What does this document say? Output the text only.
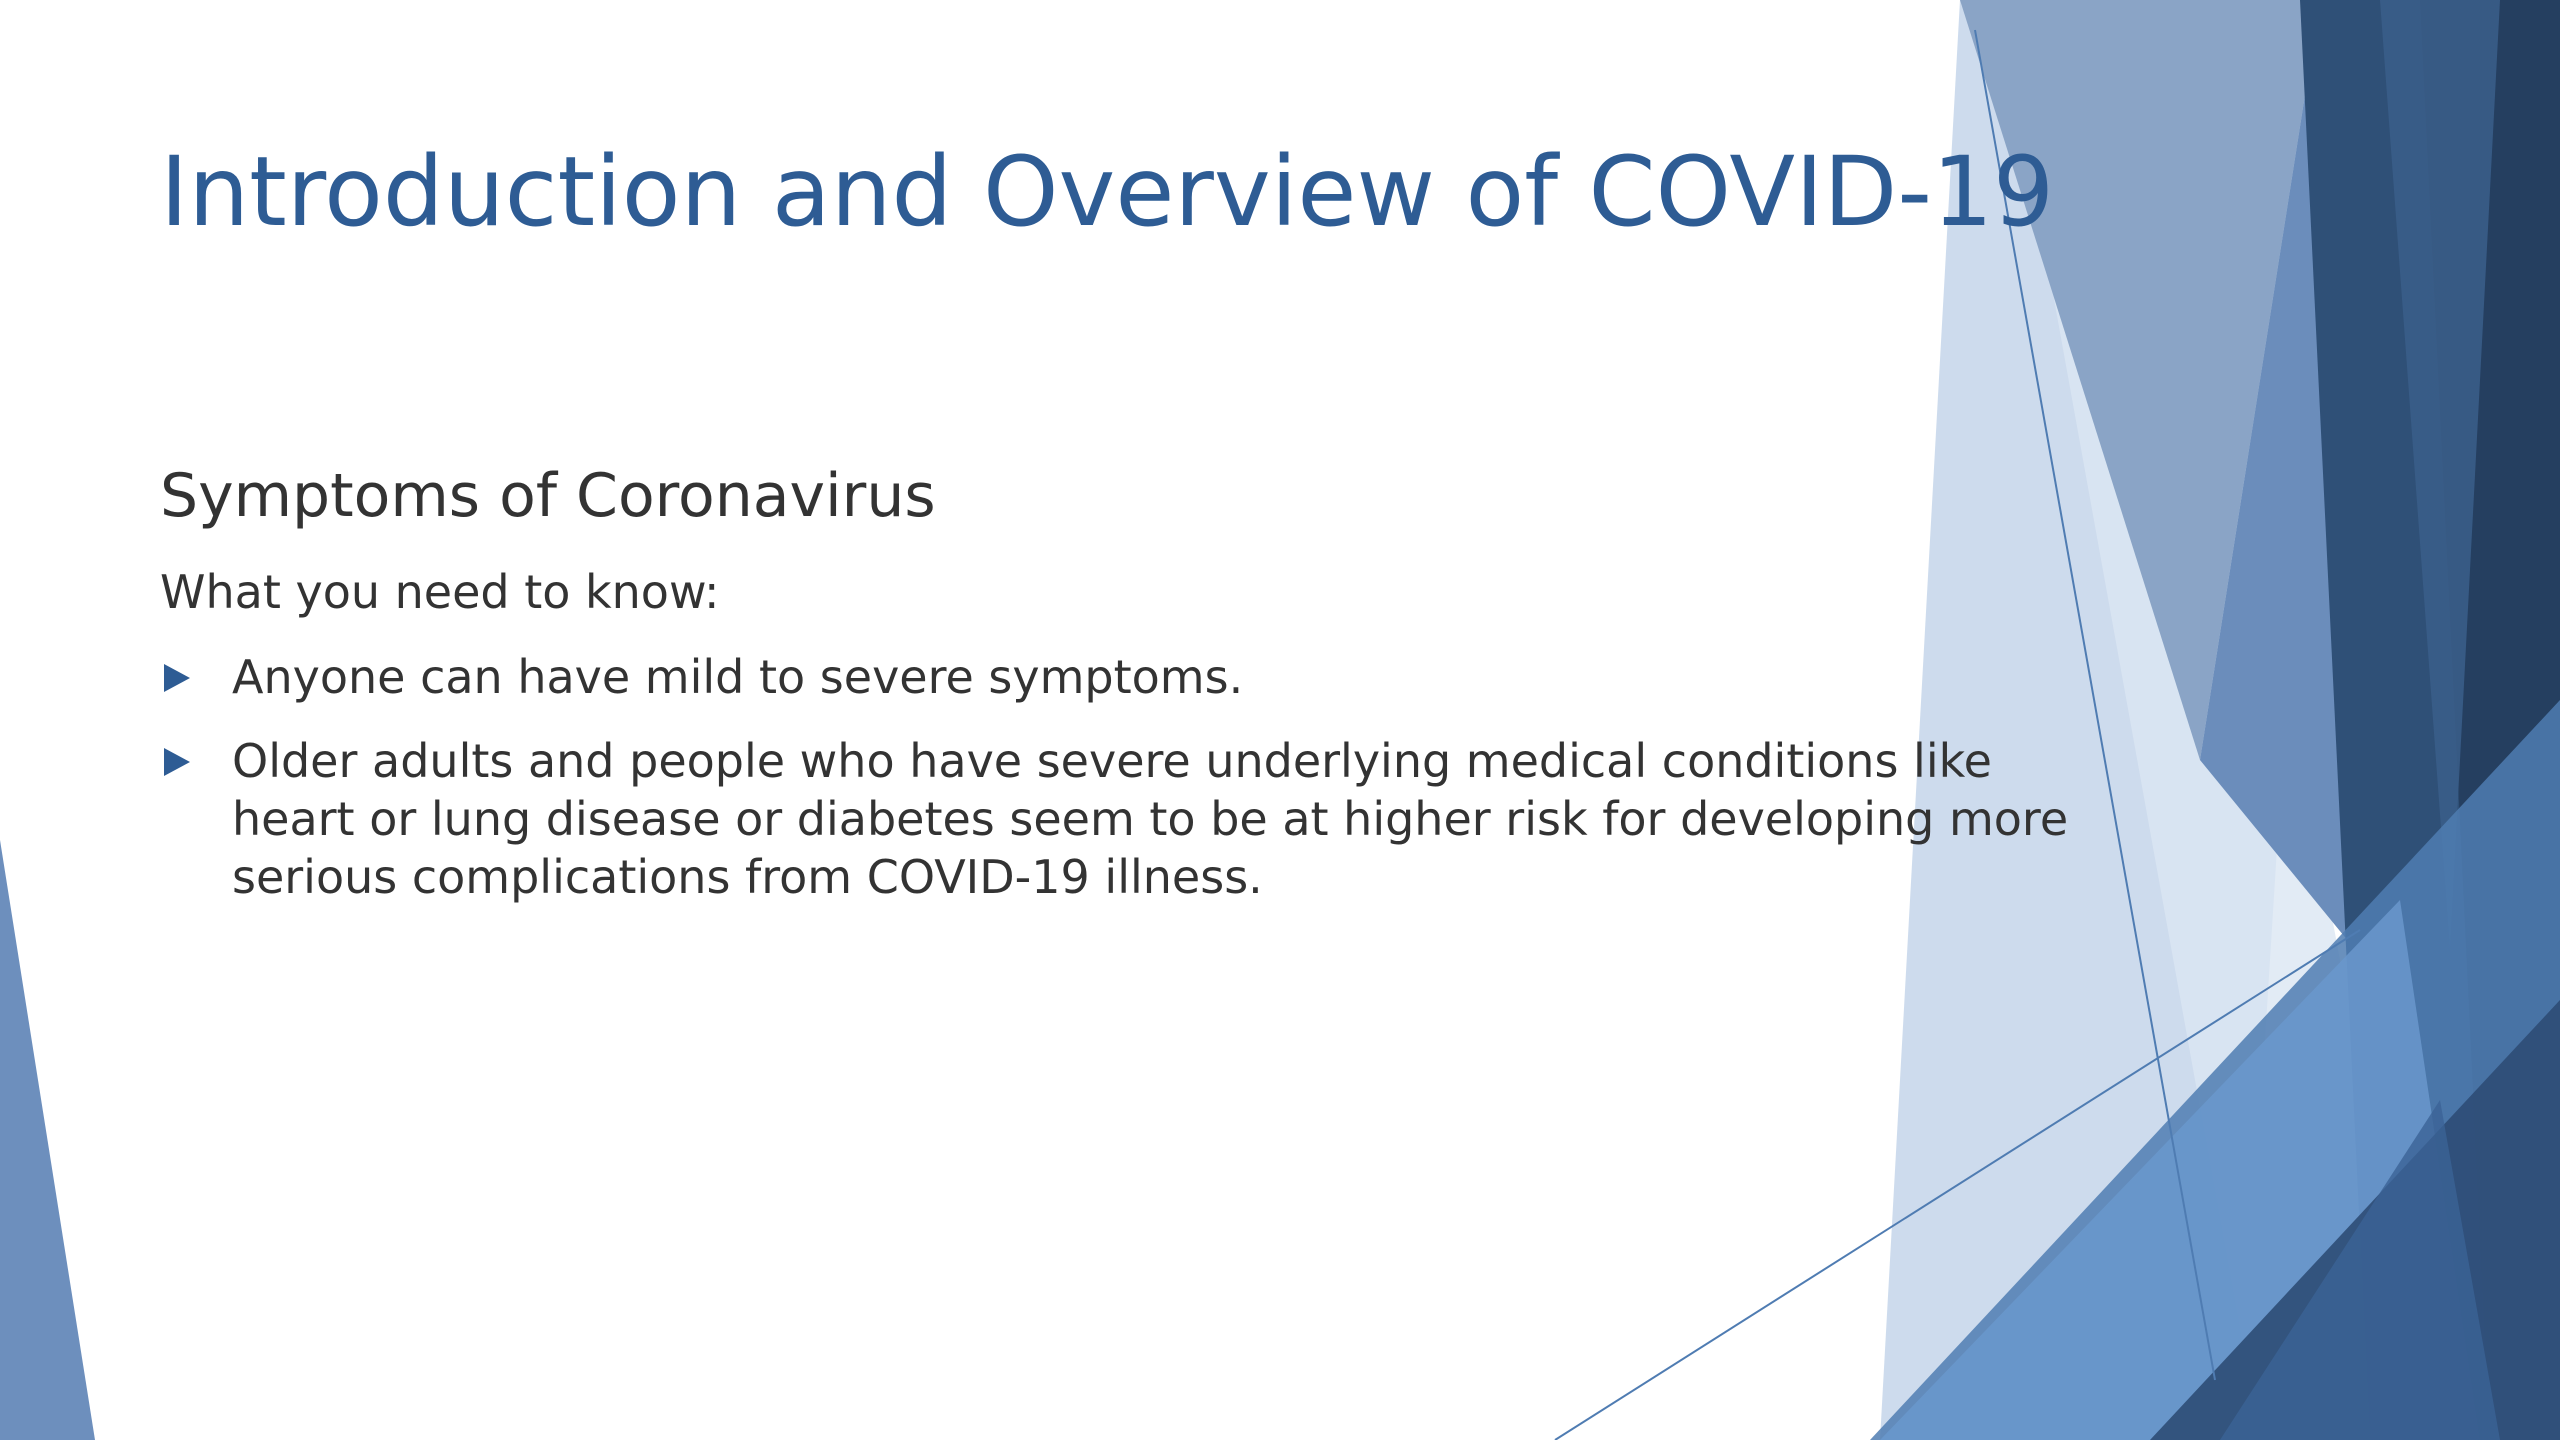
Introduction and Overview of COVID-19
Symptoms of Coronavirus

What you need to know:

Anyone can have mild to severe symptoms.
Older adults and people who have severe underlying medical conditions like heart or lung disease or diabetes seem to be at higher risk for developing more serious complications from COVID-19 illness.
